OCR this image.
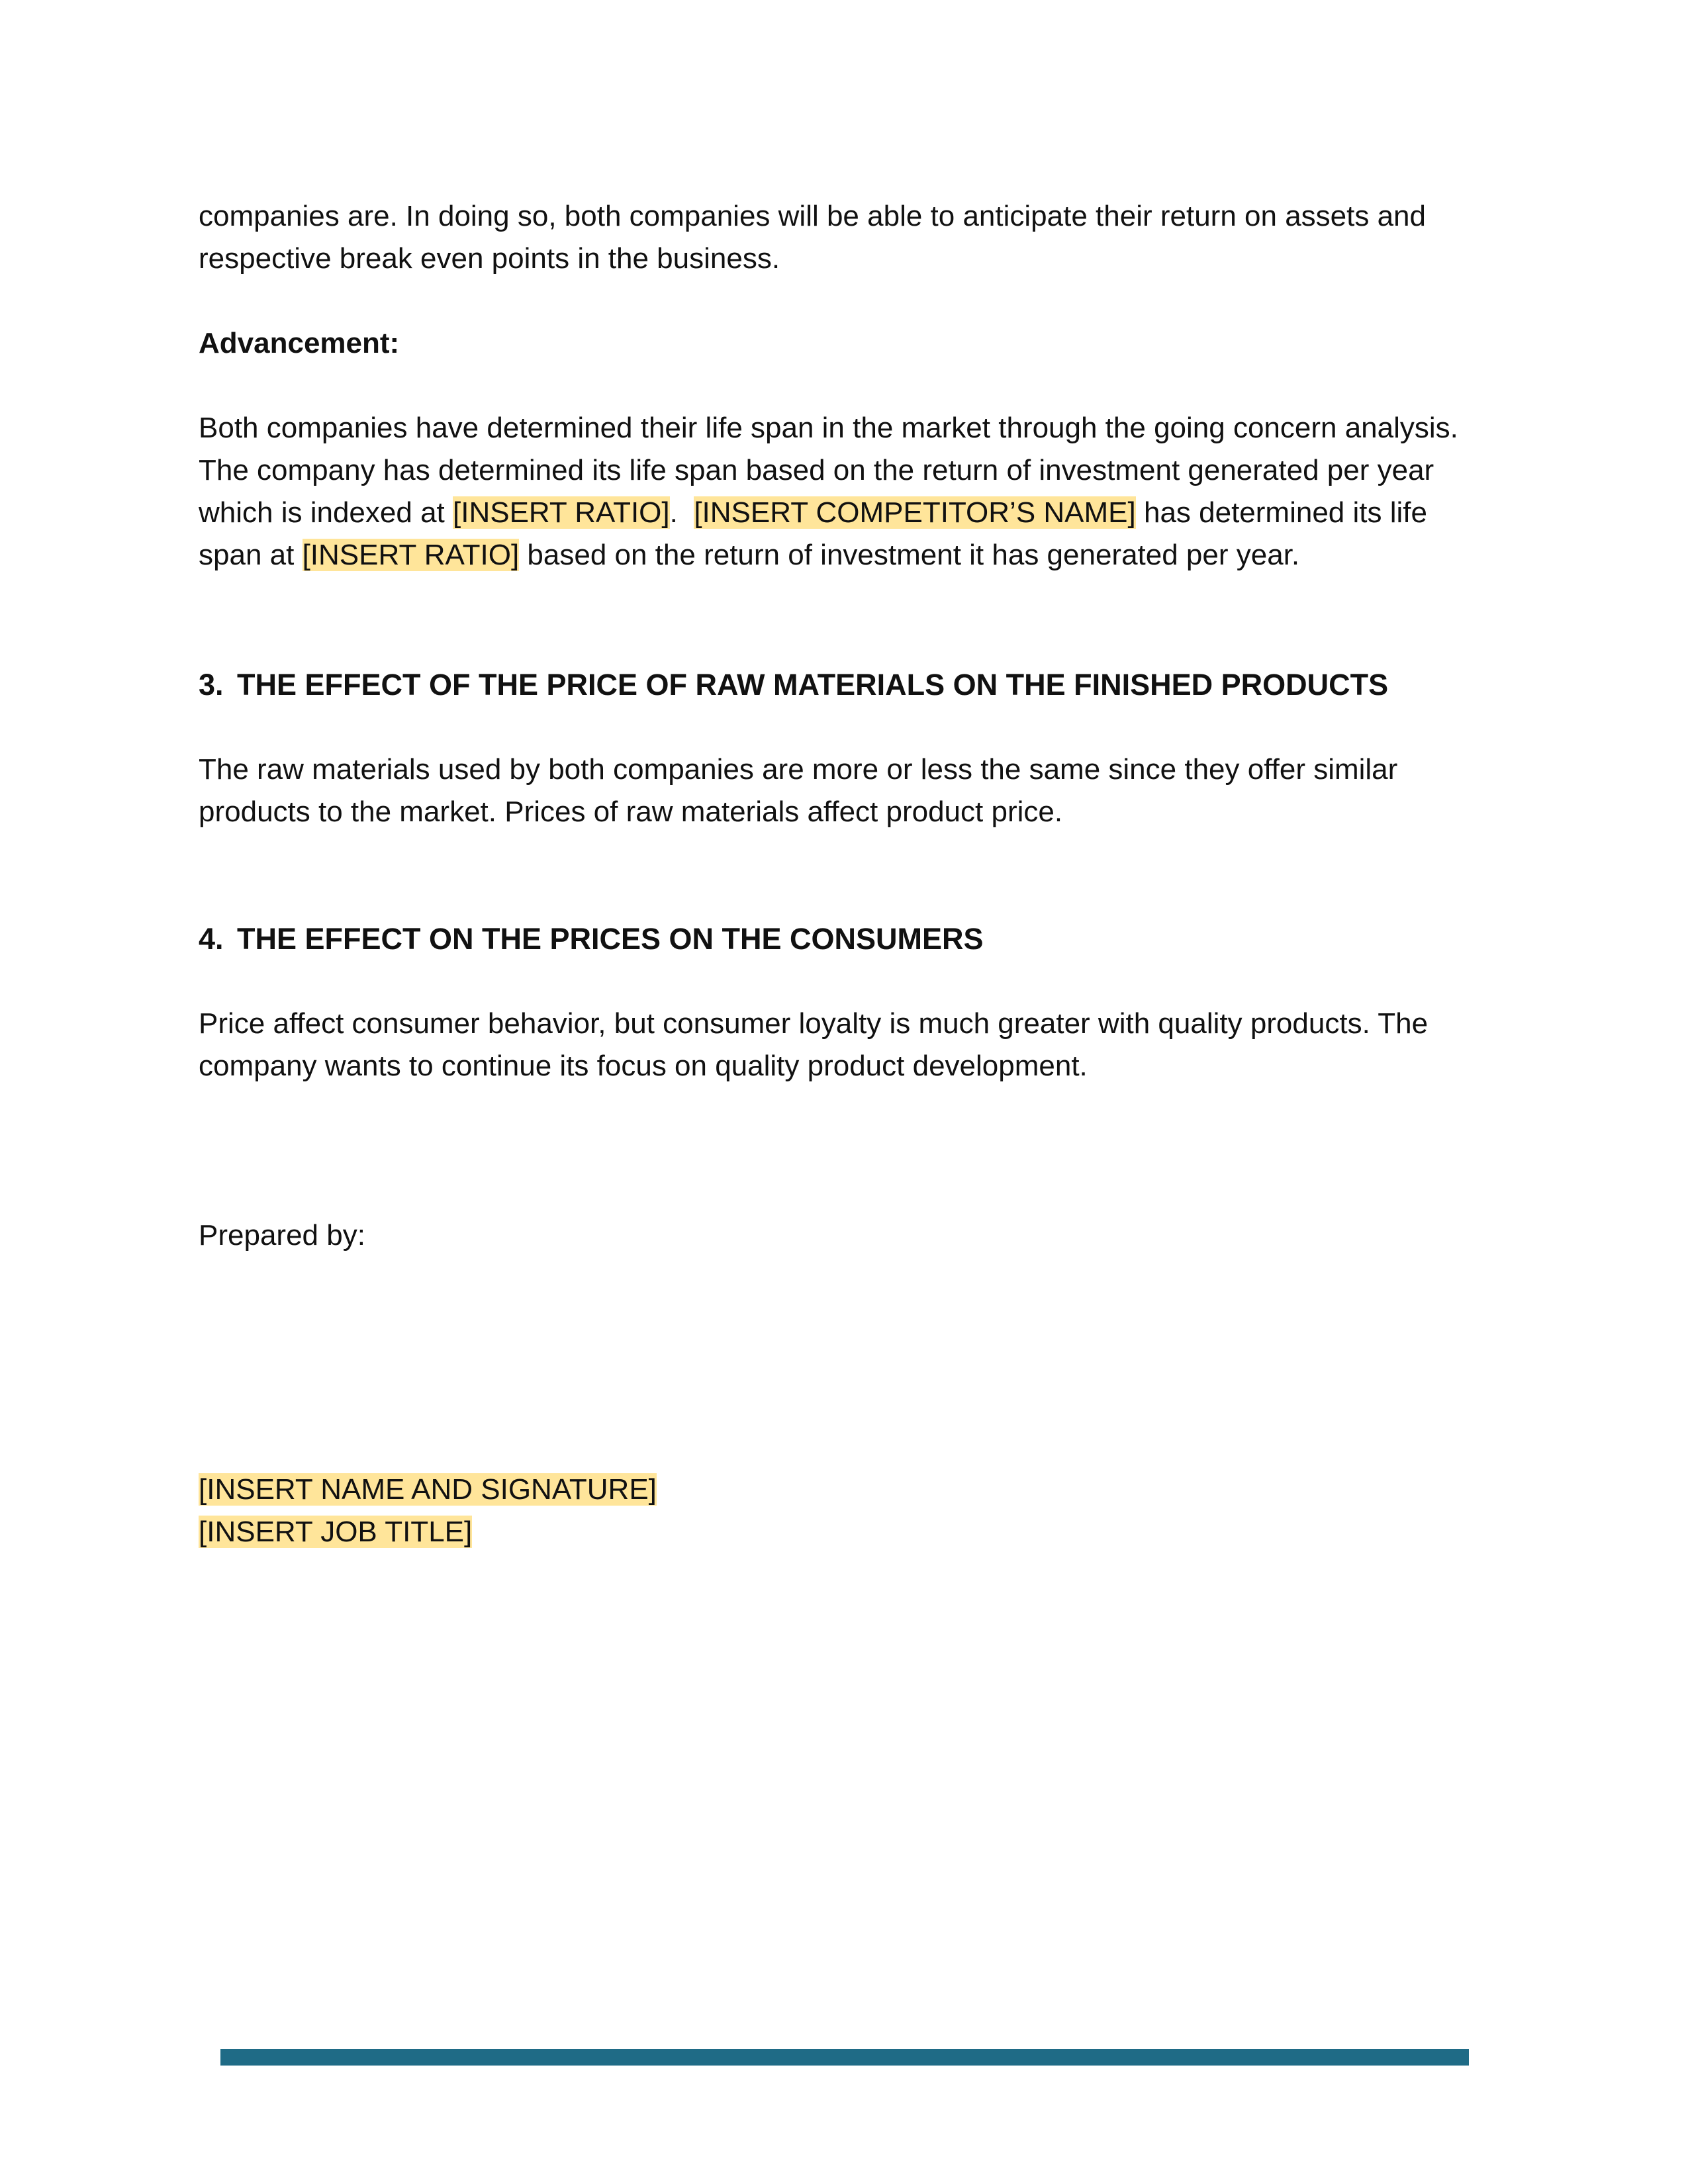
companies are. In doing so, both companies will be able to anticipate their return on assets and
respective break even points in the business.

Advancement:

Both companies have determined their life span in the market through the going concern analysis. The company has determined its life span based on the return of investment generated per year which is indexed at [INSERT RATIO].  [INSERT COMPETITOR’S NAME] has determined its life span at [INSERT RATIO] based on the return of investment it has generated per year.

3. THE EFFECT OF THE PRICE OF RAW MATERIALS ON THE FINISHED PRODUCTS

The raw materials used by both companies are more or less the same since they offer similar products to the market. Prices of raw materials affect product price.

4. THE EFFECT ON THE PRICES ON THE CONSUMERS

Price affect consumer behavior, but consumer loyalty is much greater with quality products. The company wants to continue its focus on quality product development.

Prepared by:

[INSERT NAME AND SIGNATURE]
[INSERT JOB TITLE]
